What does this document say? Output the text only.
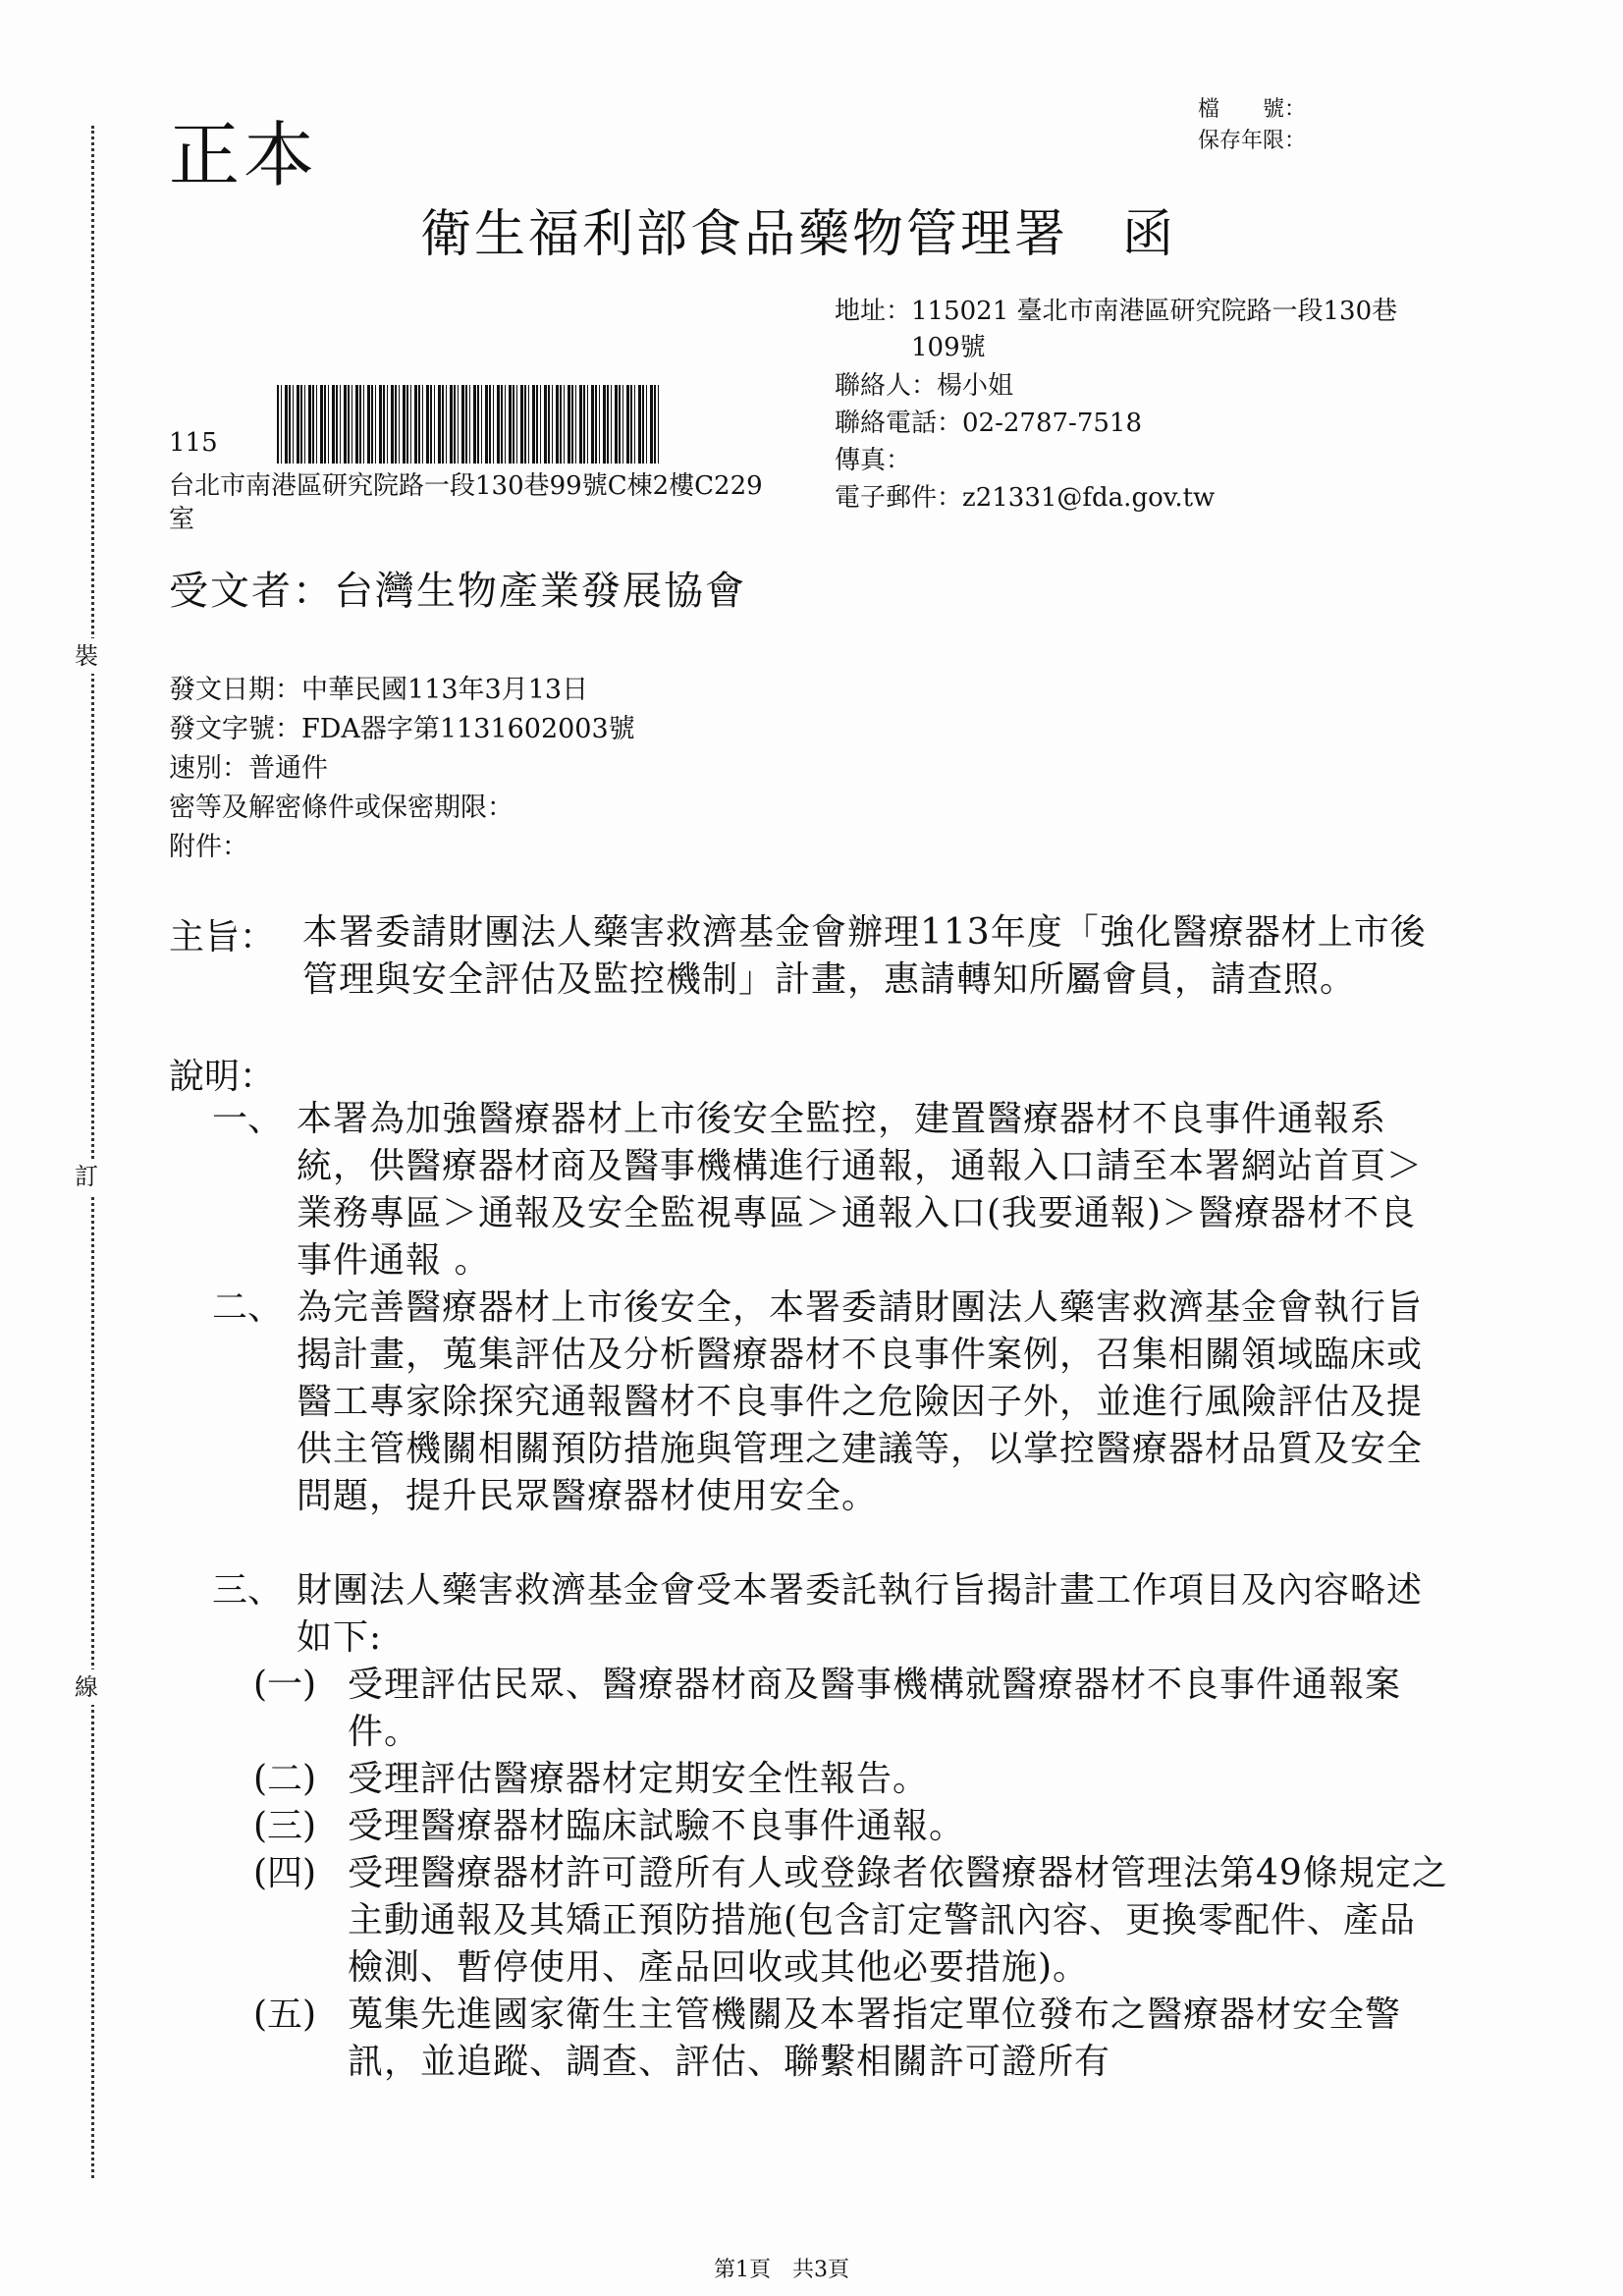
裝
訂
線
正本
檔　　號：
保存年限：
衛生福利部食品藥物管理署　函
地址：115021 臺北市南港區研究院路一段130巷
　　　109號
聯絡人：楊小姐
聯絡電話：02-2787-7518
傳真：
電子郵件：z21331@fda.gov.tw
115
台北市南港區研究院路一段130巷99號C棟2樓C229
室
受文者：台灣生物產業發展協會
發文日期：中華民國113年3月13日
發文字號：FDA器字第1131602003號
速別：普通件
密等及解密條件或保密期限：
附件：
主旨： 本署委請財團法人藥害救濟基金會辦理113年度「強化醫療器材上市後管理與安全評估及監控機制」計畫，惠請轉知所屬會員，請查照。
說明：
一、 本署為加強醫療器材上市後安全監控，建置醫療器材不良事件通報系統，供醫療器材商及醫事機構進行通報，通報入口請至本署網站首頁＞業務專區＞通報及安全監視專區＞通報入口(我要通報)＞醫療器材不良事件通報 。
二、 為完善醫療器材上市後安全，本署委請財團法人藥害救濟基金會執行旨揭計畫，蒐集評估及分析醫療器材不良事件案例，召集相關領域臨床或醫工專家除探究通報醫材不良事件之危險因子外，並進行風險評估及提供主管機關相關預防措施與管理之建議等，以掌控醫療器材品質及安全問題，提升民眾醫療器材使用安全。
三、 財團法人藥害救濟基金會受本署委託執行旨揭計畫工作項目及內容略述如下:
(一) 受理評估民眾、醫療器材商及醫事機構就醫療器材不良事件通報案件。
(二) 受理評估醫療器材定期安全性報告。
(三) 受理醫療器材臨床試驗不良事件通報。
(四) 受理醫療器材許可證所有人或登錄者依醫療器材管理法第49條規定之主動通報及其矯正預防措施(包含訂定警訊內容、更換零配件、產品檢測、暫停使用、產品回收或其他必要措施)。
(五) 蒐集先進國家衛生主管機關及本署指定單位發布之醫療器材安全警訊，並追蹤、調查、評估、聯繫相關許可證所有
第1頁　共3頁
